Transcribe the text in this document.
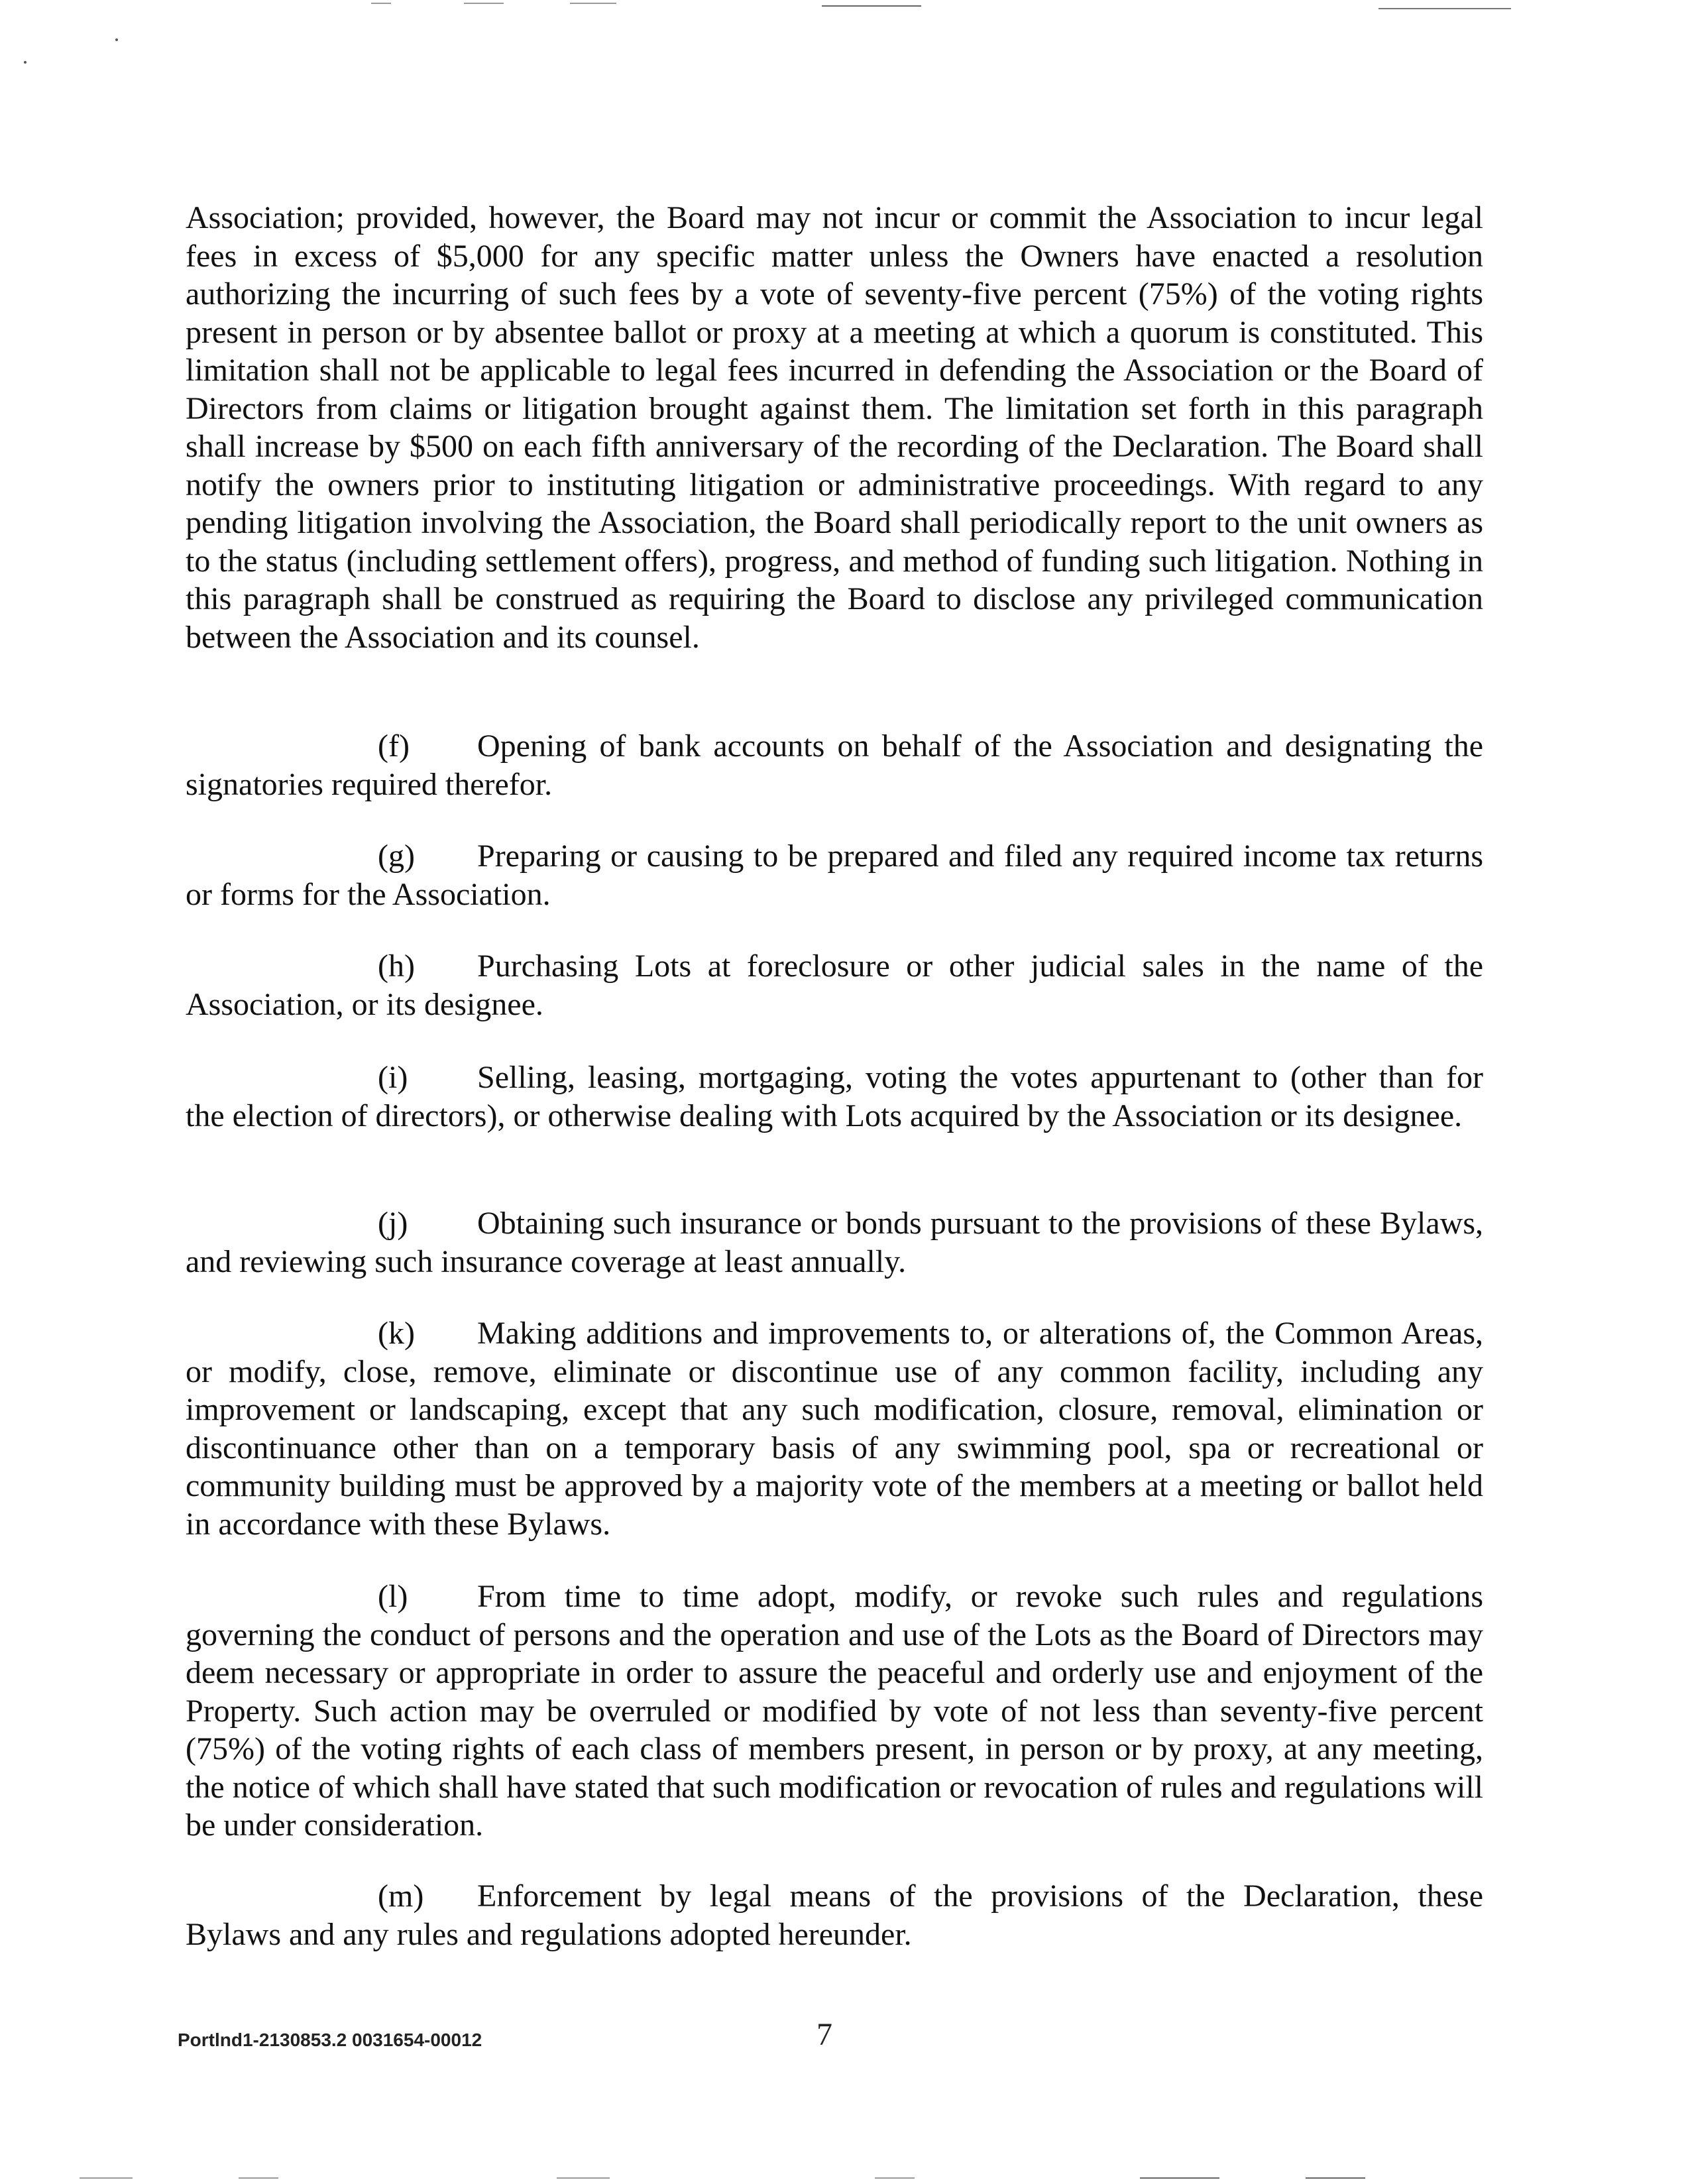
Association; provided, however, the Board may not incur or commit the Association to incur legal fees in excess of $5,000 for any specific matter unless the Owners have enacted a resolution authorizing the incurring of such fees by a vote of seventy-five percent (75%) of the voting rights present in person or by absentee ballot or proxy at a meeting at which a quorum is constituted. This limitation shall not be applicable to legal fees incurred in defending the Association or the Board of Directors from claims or litigation brought against them. The limitation set forth in this paragraph shall increase by $500 on each fifth anniversary of the recording of the Declaration. The Board shall notify the owners prior to instituting litigation or administrative proceedings. With regard to any pending litigation involving the Association, the Board shall periodically report to the unit owners as to the status (including settlement offers), progress, and method of funding such litigation. Nothing in this paragraph shall be construed as requiring the Board to disclose any privileged communication between the Association and its counsel.

(f) Opening of bank accounts on behalf of the Association and designating the signatories required therefor.

(g) Preparing or causing to be prepared and filed any required income tax returns or forms for the Association.

(h) Purchasing Lots at foreclosure or other judicial sales in the name of the Association, or its designee.

(i) Selling, leasing, mortgaging, voting the votes appurtenant to (other than for the election of directors), or otherwise dealing with Lots acquired by the Association or its designee.

(j) Obtaining such insurance or bonds pursuant to the provisions of these Bylaws, and reviewing such insurance coverage at least annually.

(k) Making additions and improvements to, or alterations of, the Common Areas, or modify, close, remove, eliminate or discontinue use of any common facility, including any improvement or landscaping, except that any such modification, closure, removal, elimination or discontinuance other than on a temporary basis of any swimming pool, spa or recreational or community building must be approved by a majority vote of the members at a meeting or ballot held in accordance with these Bylaws.

(l) From time to time adopt, modify, or revoke such rules and regulations governing the conduct of persons and the operation and use of the Lots as the Board of Directors may deem necessary or appropriate in order to assure the peaceful and orderly use and enjoyment of the Property. Such action may be overruled or modified by vote of not less than seventy-five percent (75%) of the voting rights of each class of members present, in person or by proxy, at any meeting, the notice of which shall have stated that such modification or revocation of rules and regulations will be under consideration.

(m) Enforcement by legal means of the provisions of the Declaration, these Bylaws and any rules and regulations adopted hereunder.

Portlnd1-2130853.2 0031654-00012	7
